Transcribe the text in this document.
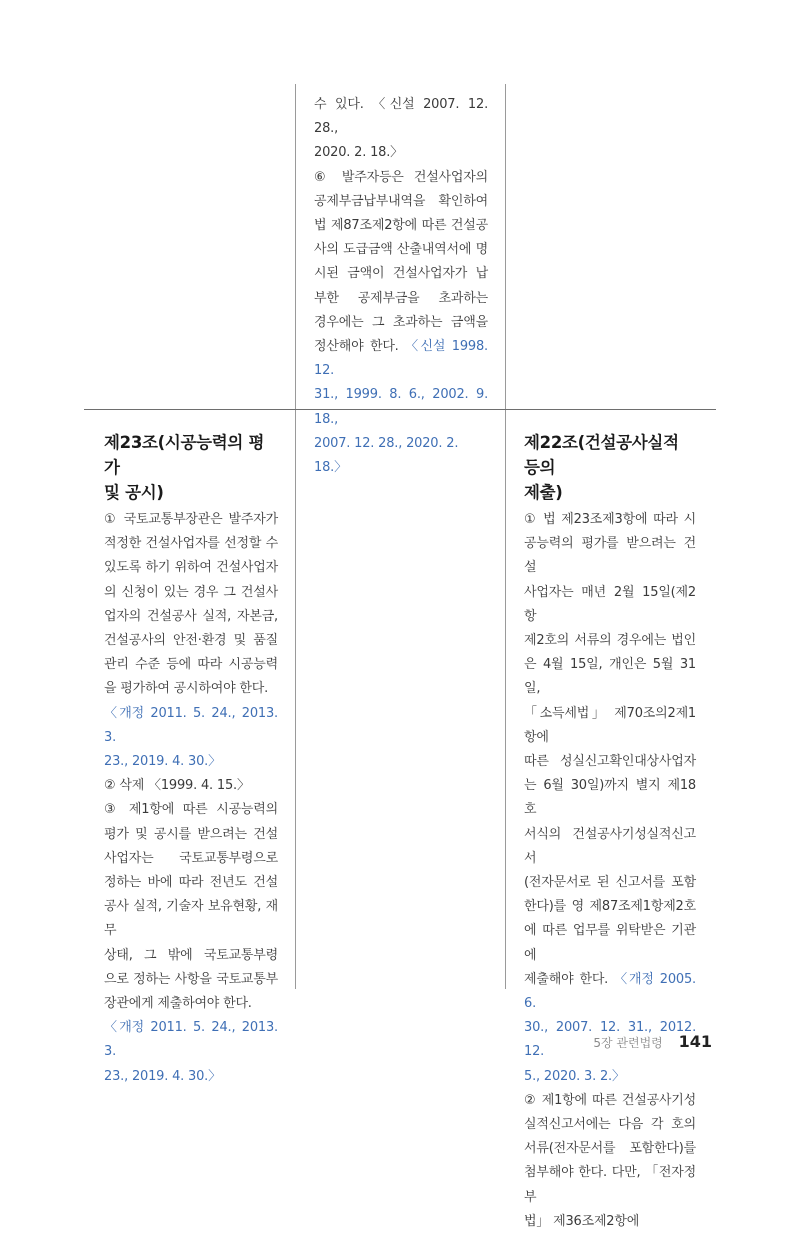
수 있다. 〈신설 2007. 12. 28.,

2020. 2. 18.〉

⑥ 발주자등은 건설사업자의

공제부금납부내역을 확인하여

법 제87조제2항에 따른 건설공

사의 도급금액 산출내역서에 명

시된 금액이 건설사업자가 납

부한 공제부금을 초과하는

경우에는 그 초과하는 금액을

정산해야 한다. 〈신설 1998. 12.

31., 1999. 8. 6., 2002. 9. 18.,

2007. 12. 28., 2020. 2. 18.〉

제23조(시공능력의 평가
및 공시)

① 국토교통부장관은 발주자가

적정한 건설사업자를 선정할 수

있도록 하기 위하여 건설사업자

의 신청이 있는 경우 그 건설사

업자의 건설공사 실적, 자본금,

건설공사의 안전·환경 및 품질

관리 수준 등에 따라 시공능력

을 평가하여 공시하여야 한다.

〈개정 2011. 5. 24., 2013. 3.

23., 2019. 4. 30.〉

② 삭제 〈1999. 4. 15.〉

③ 제1항에 따른 시공능력의

평가 및 공시를 받으려는 건설

사업자는 국토교통부령으로

정하는 바에 따라 전년도 건설

공사 실적, 기술자 보유현황, 재무

상태, 그 밖에 국토교통부령

으로 정하는 사항을 국토교통부

장관에게 제출하여야 한다.

〈개정 2011. 5. 24., 2013. 3.

23., 2019. 4. 30.〉

제22조(건설공사실적 등의
제출)

① 법 제23조제3항에 따라 시

공능력의 평가를 받으려는 건설

사업자는 매년 2월 15일(제2항

제2호의 서류의 경우에는 법인

은 4월 15일, 개인은 5월 31일,

「소득세법」 제70조의2제1항에

따른 성실신고확인대상사업자

는 6월 30일)까지 별지 제18호

서식의 건설공사기성실적신고서

(전자문서로 된 신고서를 포함

한다)를 영 제87조제1항제2호

에 따른 업무를 위탁받은 기관에

제출해야 한다. 〈개정 2005. 6.

30., 2007. 12. 31., 2012. 12.

5., 2020. 3. 2.〉

② 제1항에 따른 건설공사기성

실적신고서에는 다음 각 호의

서류(전자문서를 포함한다)를

첨부해야 한다. 다만, 「전자정부

법」 제36조제2항에

5장 관련법령 141
